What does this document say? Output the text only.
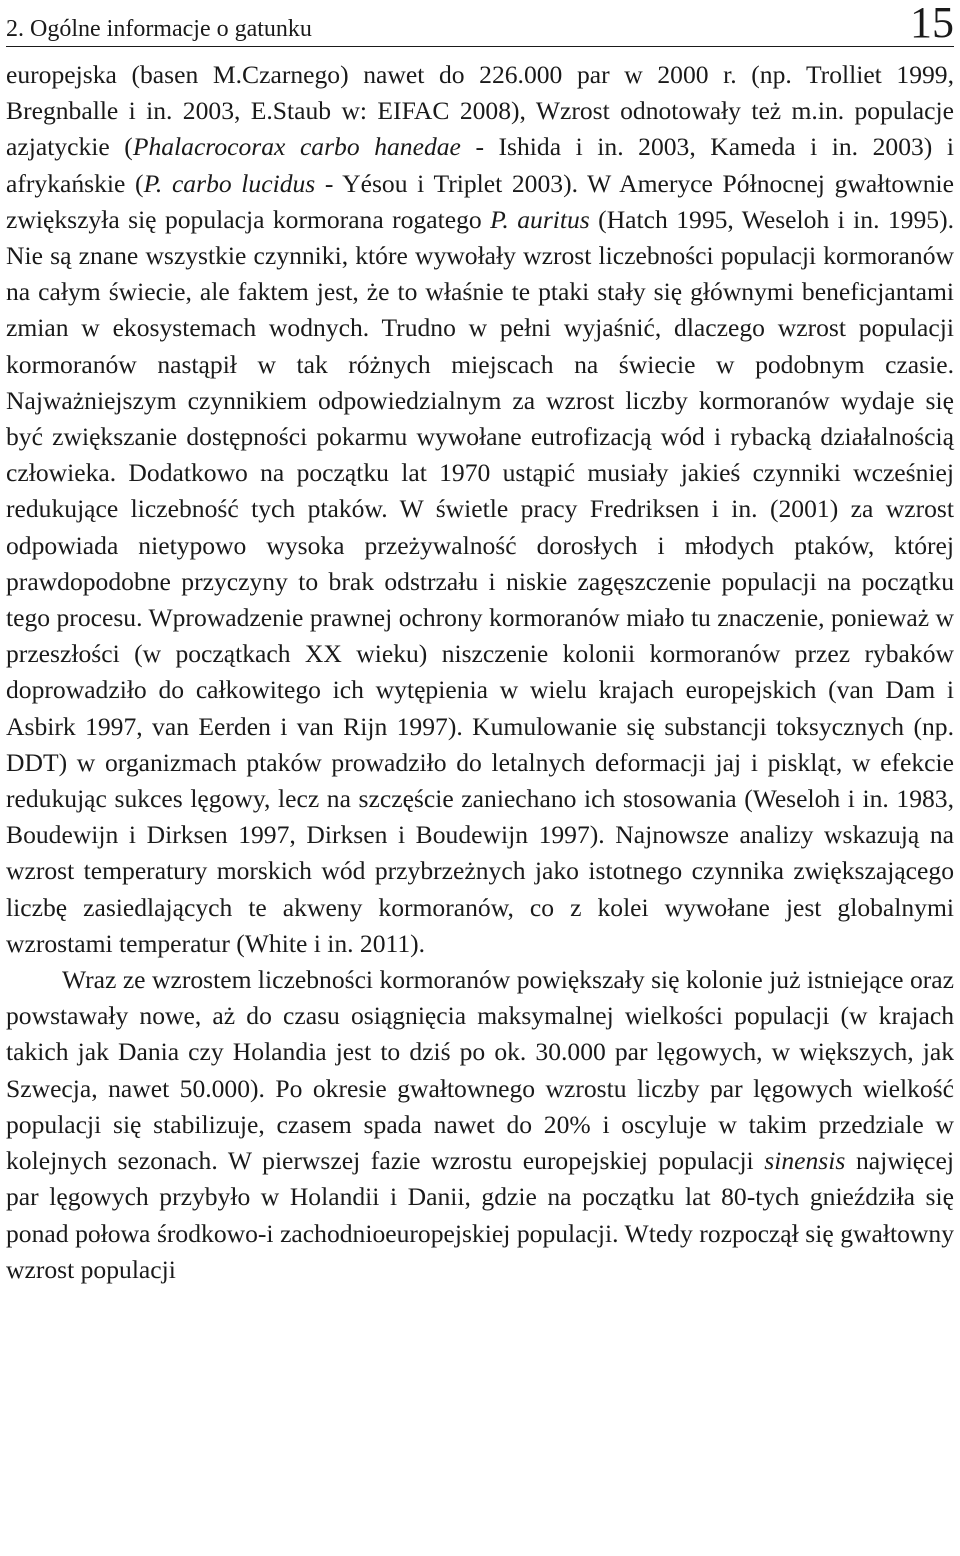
2. Ogólne informacje o gatunku	15

europejska (basen M.Czarnego) nawet do 226.000 par w 2000 r. (np. Trolliet 1999, Bregnballe i in. 2003, E.Staub w: EIFAC 2008), Wzrost odnotowały też m.in. populacje azjatyckie (Phalacrocorax carbo hanedae - Ishida i in. 2003, Kameda i in. 2003) i afrykańskie (P. carbo lucidus - Yésou i Triplet 2003). W Ameryce Północnej gwałtownie zwiększyła się populacja kormorana rogatego P. auritus (Hatch 1995, Weseloh i in. 1995). Nie są znane wszystkie czynniki, które wywołały wzrost liczebności populacji kormoranów na całym świecie, ale faktem jest, że to właśnie te ptaki stały się głównymi beneficjantami zmian w ekosystemach wodnych. Trudno w pełni wyjaśnić, dlaczego wzrost populacji kormoranów nastąpił w tak różnych miejscach na świecie w podobnym czasie. Najważniejszym czynnikiem odpowiedzialnym za wzrost liczby kormoranów wydaje się być zwiększanie dostępności pokarmu wywołane eutrofizacją wód i rybacką działalnością człowieka. Dodatkowo na początku lat 1970 ustąpić musiały jakieś czynniki wcześniej redukujące liczebność tych ptaków. W świetle pracy Fredriksen i in. (2001) za wzrost odpowiada nietypowo wysoka przeżywalność dorosłych i młodych ptaków, której prawdopodobne przyczyny to brak odstrzału i niskie zagęszczenie populacji na początku tego procesu. Wprowadzenie prawnej ochrony kormoranów miało tu znaczenie, ponieważ w przeszłości (w początkach XX wieku) niszczenie kolonii kormoranów przez rybaków doprowadziło do całkowitego ich wytępienia w wielu krajach europejskich (van Dam i Asbirk 1997, van Eerden i van Rijn 1997). Kumulowanie się substancji toksycznych (np. DDT) w organizmach ptaków prowadziło do letalnych deformacji jaj i piskląt, w efekcie redukując sukces lęgowy, lecz na szczęście zaniechano ich stosowania (Weseloh i in. 1983, Boudewijn i Dirksen 1997, Dirksen i Boudewijn 1997). Najnowsze analizy wskazują na wzrost temperatury morskich wód przybrzeżnych jako istotnego czynnika zwiększającego liczbę zasiedlających te akweny kormoranów, co z kolei wywołane jest globalnymi wzrostami temperatur (White i in. 2011).

Wraz ze wzrostem liczebności kormoranów powiększały się kolonie już istniejące oraz powstawały nowe, aż do czasu osiągnięcia maksymalnej wielkości populacji (w krajach takich jak Dania czy Holandia jest to dziś po ok. 30.000 par lęgowych, w większych, jak Szwecja, nawet 50.000). Po okresie gwałtownego wzrostu liczby par lęgowych wielkość populacji się stabilizuje, czasem spada nawet do 20% i oscyluje w takim przedziale w kolejnych sezonach. W pierwszej fazie wzrostu europejskiej populacji sinensis najwięcej par lęgowych przybyło w Holandii i Danii, gdzie na początku lat 80-tych gnieździła się ponad połowa środkowo-i zachodnioeuropejskiej populacji. Wtedy rozpoczął się gwałtowny wzrost populacji
